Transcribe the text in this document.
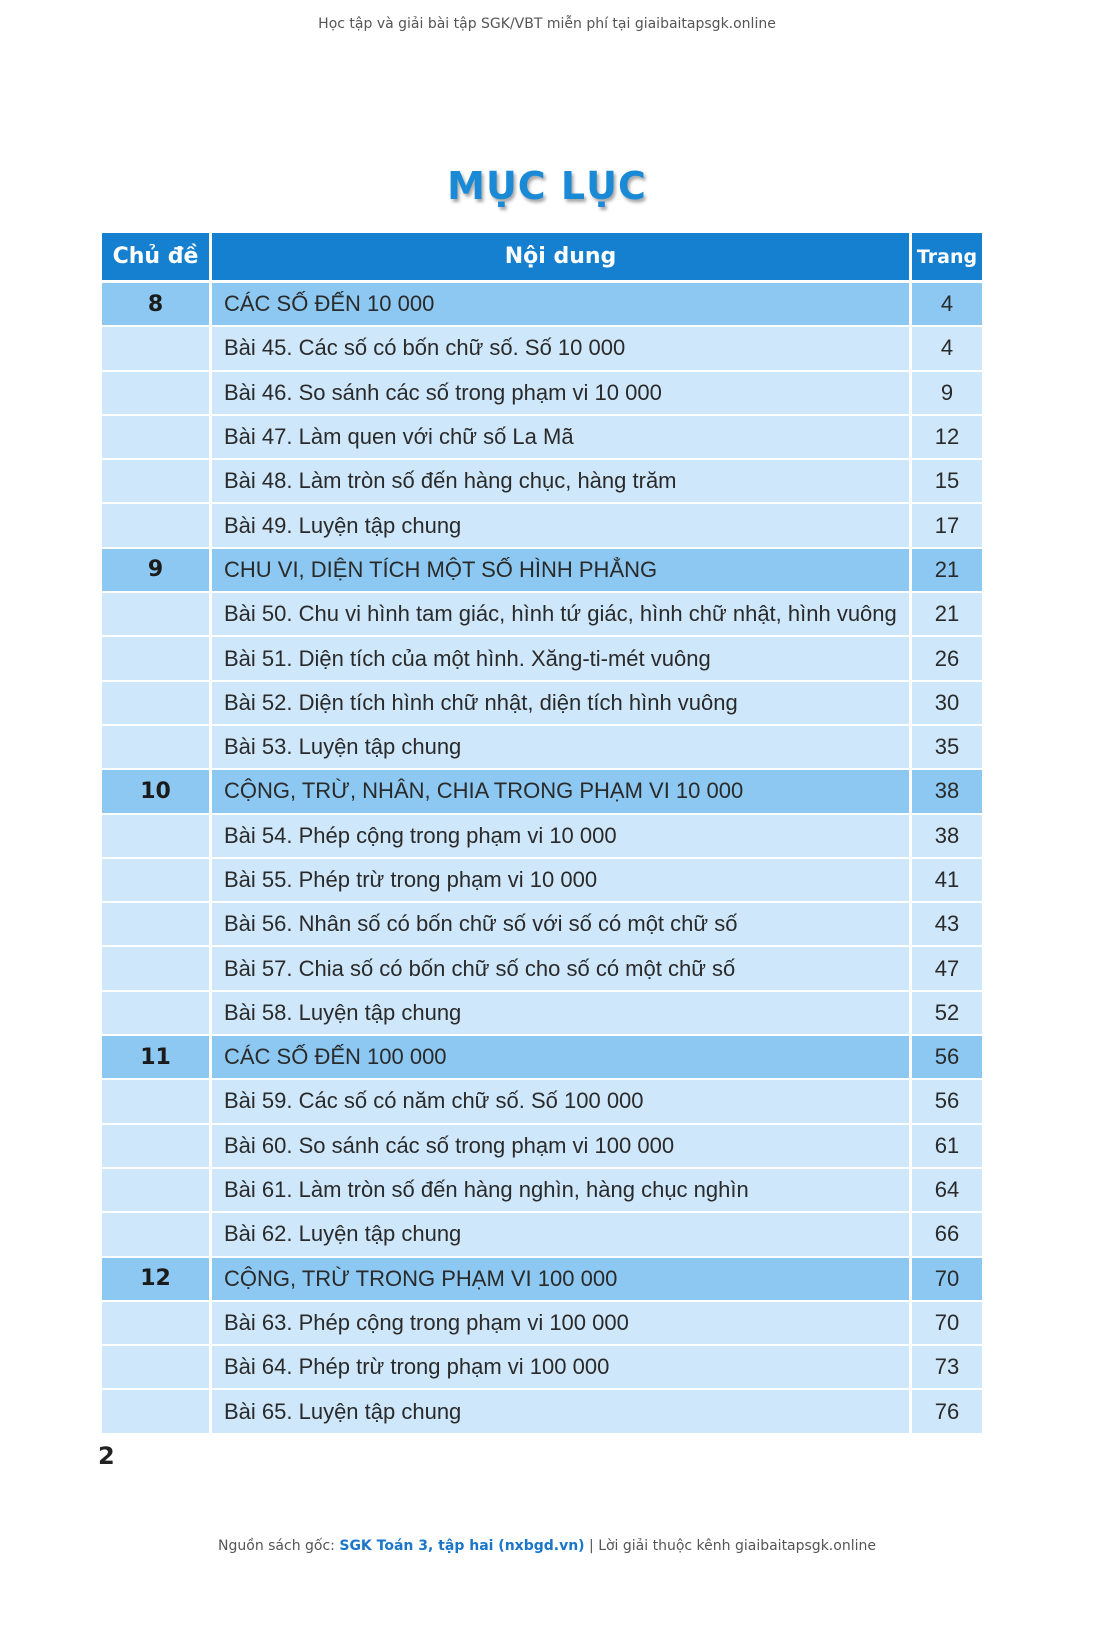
Học tập và giải bài tập SGK/VBT miễn phí tại giaibaitapsgk.online
MỤC LỤC
Chủ đề	Nội dung	Trang
8	CÁC SỐ ĐẾN 10 000	4
Bài 45. Các số có bốn chữ số. Số 10 000	4
Bài 46. So sánh các số trong phạm vi 10 000	9
Bài 47. Làm quen với chữ số La Mã	12
Bài 48. Làm tròn số đến hàng chục, hàng trăm	15
Bài 49. Luyện tập chung	17
9	CHU VI, DIỆN TÍCH MỘT SỐ HÌNH PHẲNG	21
Bài 50. Chu vi hình tam giác, hình tứ giác, hình chữ nhật, hình vuông 21
Bài 51. Diện tích của một hình. Xăng-ti-mét vuông	26
Bài 52. Diện tích hình chữ nhật, diện tích hình vuông	30
Bài 53. Luyện tập chung	35
10	CỘNG, TRỪ, NHÂN, CHIA TRONG PHẠM VI 10 000	38
Bài 54. Phép cộng trong phạm vi 10 000	38
Bài 55. Phép trừ trong phạm vi 10 000	41
Bài 56. Nhân số có bốn chữ số với số có một chữ số	43
Bài 57. Chia số có bốn chữ số cho số có một chữ số	47
Bài 58. Luyện tập chung	52
11	CÁC SỐ ĐẾN 100 000	56
Bài 59. Các số có năm chữ số. Số 100 000	56
Bài 60. So sánh các số trong phạm vi 100 000	61
Bài 61. Làm tròn số đến hàng nghìn, hàng chục nghìn	64
Bài 62. Luyện tập chung	66
12	CỘNG, TRỪ TRONG PHẠM VI 100 000	70
Bài 63. Phép cộng trong phạm vi 100 000	70
Bài 64. Phép trừ trong phạm vi 100 000	73
Bài 65. Luyện tập chung	76
2
Nguồn sách gốc: SGK Toán 3, tập hai (nxbgd.vn) | Lời giải thuộc kênh giaibaitapsgk.online
